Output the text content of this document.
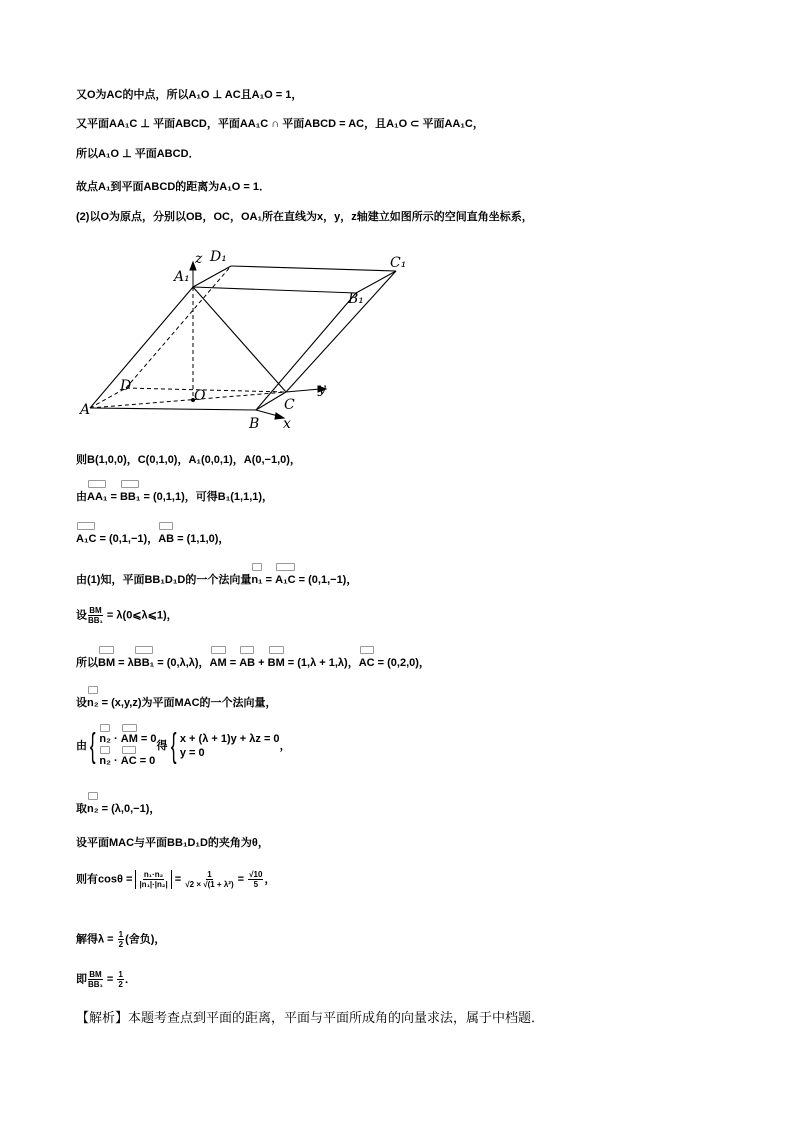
又O为AC的中点，所以A₁O ⊥ AC且A₁O = 1，
又平面AA₁C ⊥ 平面ABCD，平面AA₁C ∩ 平面ABCD = AC，且A₁O ⊂ 平面AA₁C，
所以A₁O ⊥ 平面ABCD．
故点A₁到平面ABCD的距离为A₁O = 1．
(2)以O为原点，分别以OB，OC，OA₁所在直线为x，y，z轴建立如图所示的空间直角坐标系，
A₁
D₁	C₁
B₁
z
D
O	y
A	C
B x
则B(1,0,0)，C(0,1,0)，A₁(0,0,1)，A(0,−1,0)，
由AA₁ = BB₁ = (0,1,1)，可得B₁(1,1,1)，
A₁C = (0,1,−1)，AB = (1,1,0)，
由(1)知，平面BB₁D₁D的一个法向量n₁ = A₁C = (0,1,−1)，
设 $\frac{BM}{\text{BB₁}}$ = λ(0⩽λ⩽1)，
所以BM = λBB₁ = (0,λ,λ)，AM = AB + BM = (1,λ + 1,λ)，AC = (0,2,0)，
设n₂ = (x,y,z)为平面MAC的一个法向量，
由 { n₂ · AM = 0
n₂ · AC = 0
得 { x + (λ + 1)y + λz = 0
y = 0
，
取n₂ = (λ,0,−1)，
设平面MAC与平面BB₁D₁D的夹角为θ，
则有$\cos\theta = \frac{\text{n₁·n₂}}{\text{|n₁|·|n₂|}} = \frac{1}{\text{√2 × √(1 + λ²)}} = \frac{√10}{5}$ ，
解得$\lambda = \frac{1}{2}$ (舍负)，
即 $\frac{BM}{\text{BB₁}} = \frac{1}{2}$ ．
【解析】本题考查点到平面的距离，平面与平面所成角的向量求法，属于中档题．
